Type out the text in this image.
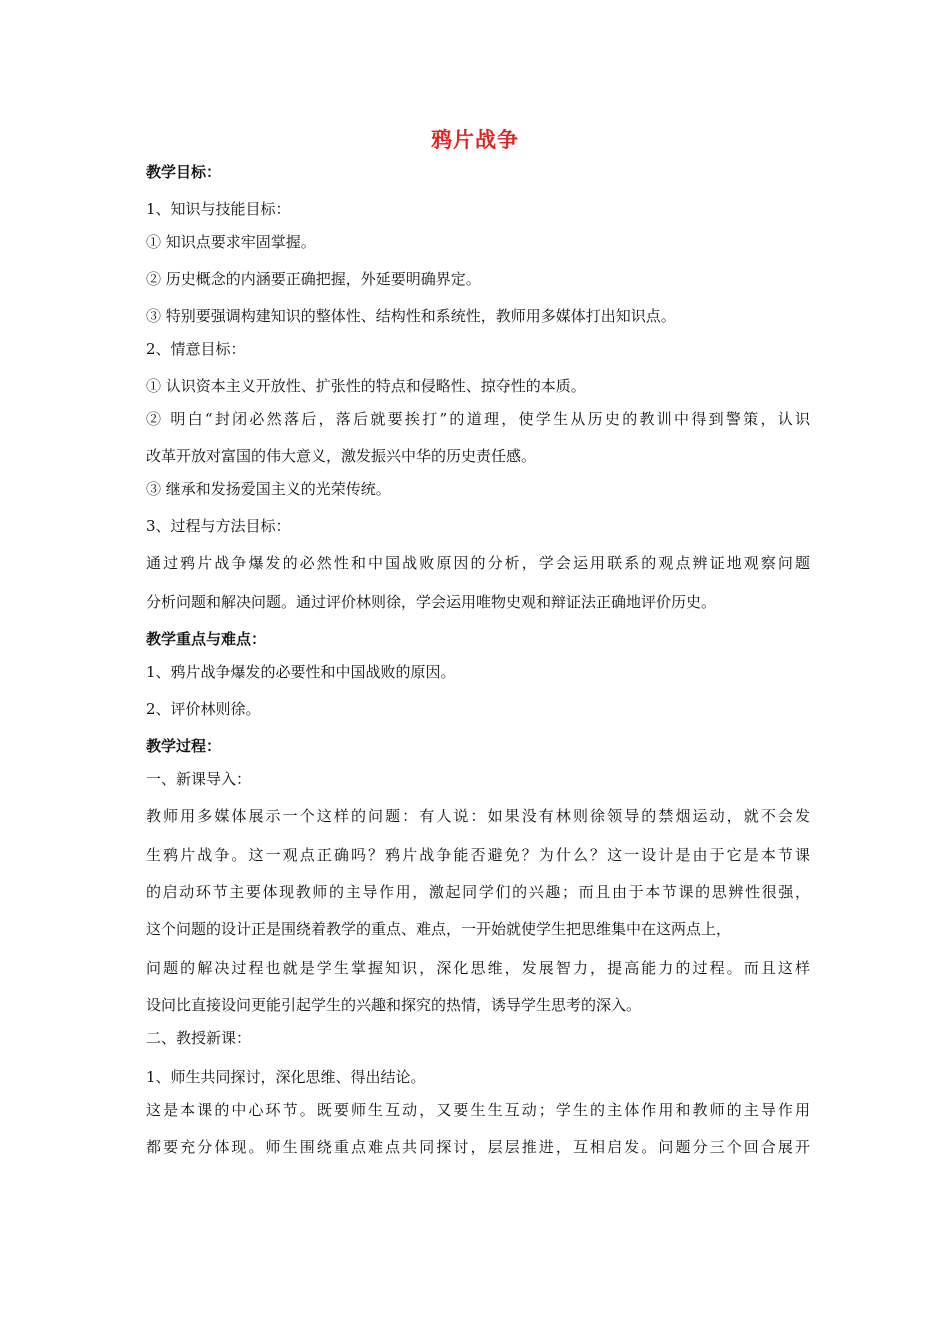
鸦片战争
教学目标：
1、知识与技能目标：
① 知识点要求牢固掌握。
② 历史概念的内涵要正确把握，外延要明确界定。
③ 特别要强调构建知识的整体性、结构性和系统性，教师用多媒体打出知识点。
2、情意目标：
① 认识资本主义开放性、扩张性的特点和侵略性、掠夺性的本质。
② 明白“封闭必然落后，落后就要挨打”的道理，使学生从历史的教训中得到警策，认识
改革开放对富国的伟大意义，激发振兴中华的历史责任感。
③ 继承和发扬爱国主义的光荣传统。
3、过程与方法目标：
通过鸦片战争爆发的必然性和中国战败原因的分析，学会运用联系的观点辨证地观察问题
分析问题和解决问题。通过评价林则徐，学会运用唯物史观和辩证法正确地评价历史。
教学重点与难点：
1、鸦片战争爆发的必要性和中国战败的原因。
2、评价林则徐。
教学过程：
一、新课导入：
教师用多媒体展示一个这样的问题：有人说：如果没有林则徐领导的禁烟运动，就不会发
生鸦片战争。这一观点正确吗？鸦片战争能否避免？为什么？这一设计是由于它是本节课
的启动环节主要体现教师的主导作用，激起同学们的兴趣；而且由于本节课的思辨性很强，
这个问题的设计正是围绕着教学的重点、难点，一开始就使学生把思维集中在这两点上，
问题的解决过程也就是学生掌握知识，深化思维，发展智力，提高能力的过程。而且这样
设问比直接设问更能引起学生的兴趣和探究的热情，诱导学生思考的深入。
二、教授新课：
1、师生共同探讨，深化思维、得出结论。
这是本课的中心环节。既要师生互动，又要生生互动；学生的主体作用和教师的主导作用
都要充分体现。师生围绕重点难点共同探讨，层层推进，互相启发。问题分三个回合展开
